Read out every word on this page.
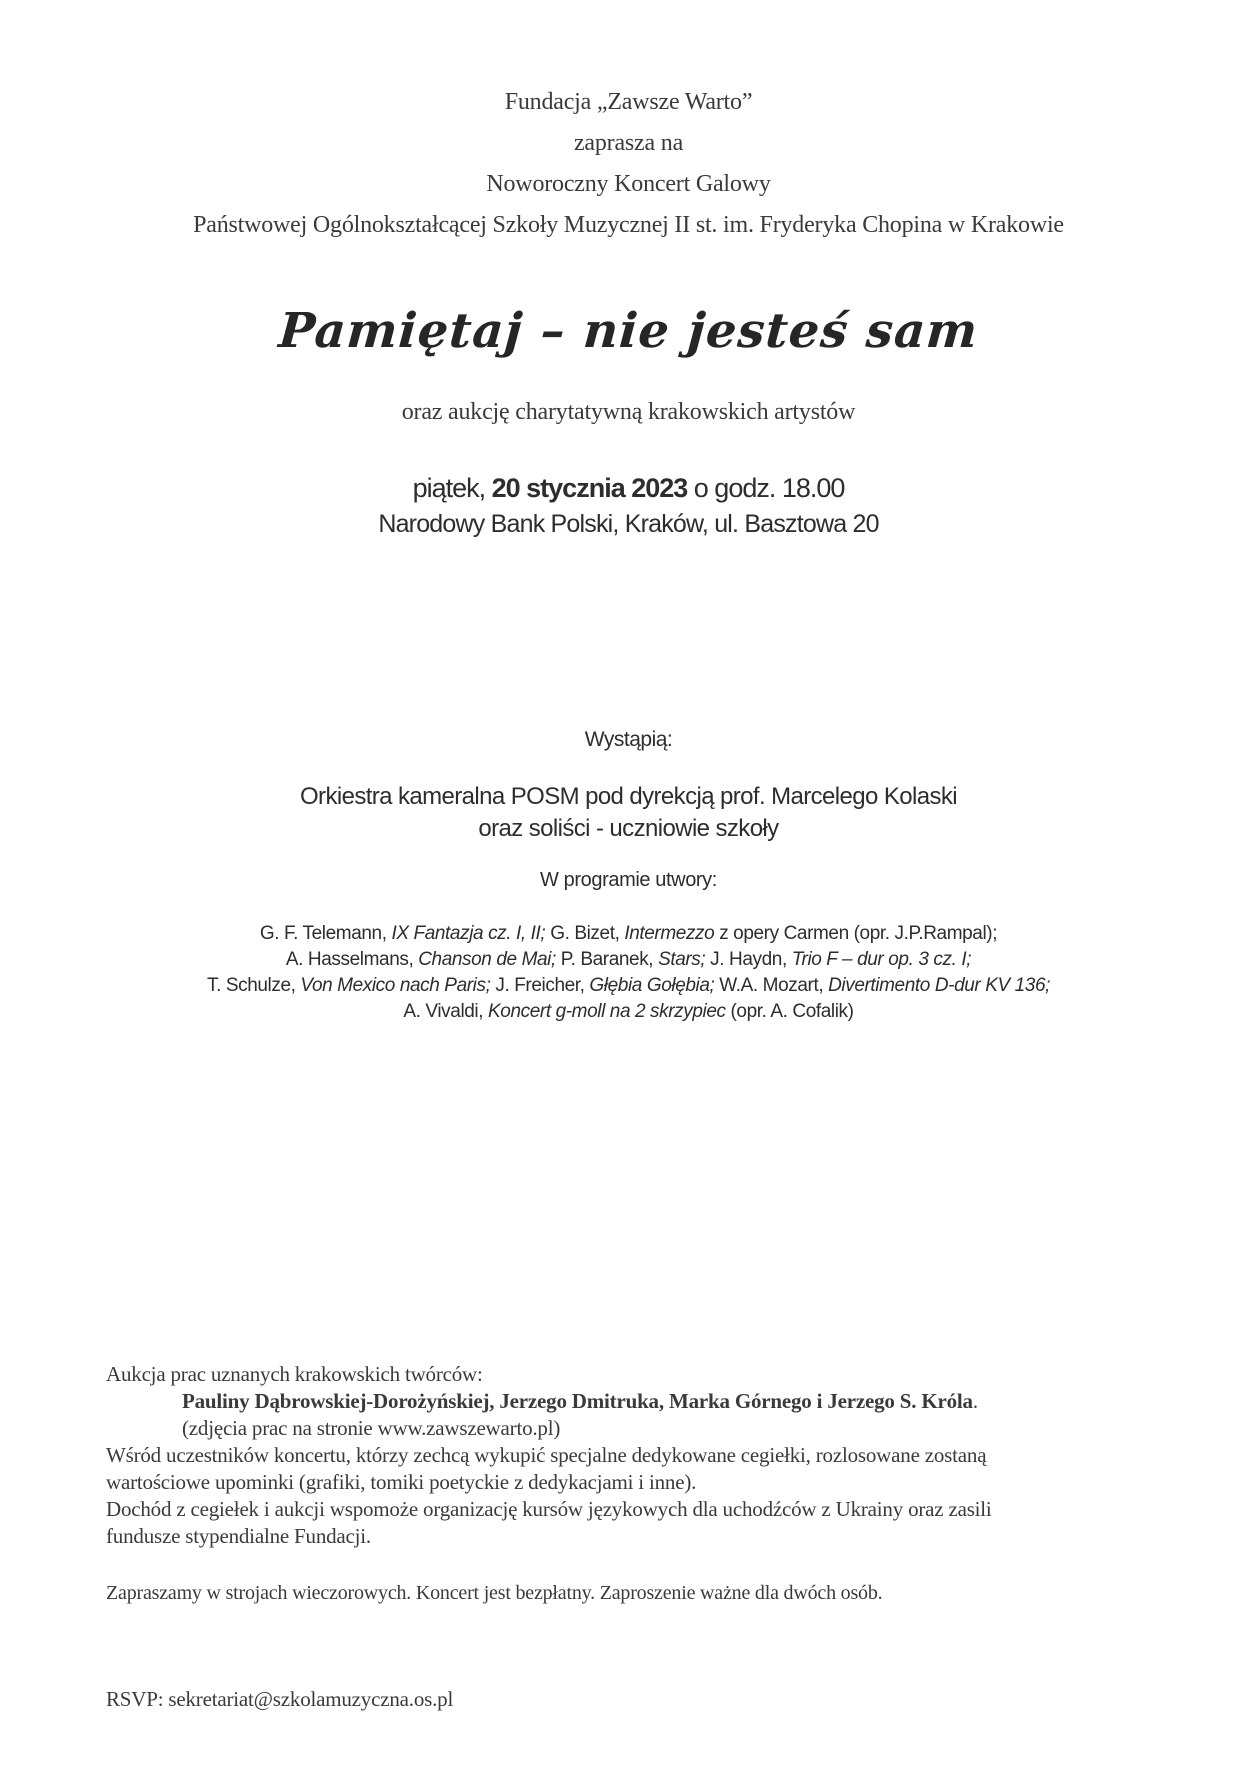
Fundacja „Zawsze Warto”
zaprasza na
Noworoczny Koncert Galowy
Państwowej Ogólnokształcącej Szkoły Muzycznej II st. im. Fryderyka Chopina w Krakowie
Pamiętaj – nie jesteś sam
oraz aukcję charytatywną krakowskich artystów
piątek, 20 stycznia 2023 o godz. 18.00
Narodowy Bank Polski, Kraków, ul. Basztowa 20
Wystąpią:
Orkiestra kameralna POSM pod dyrekcją prof. Marcelego Kolaski
oraz soliści - uczniowie szkoły
W programie utwory:
G. F. Telemann, IX Fantazja cz. I, II; G. Bizet, Intermezzo z opery Carmen (opr. J.P.Rampal);
A. Hasselmans, Chanson de Mai; P. Baranek, Stars; J. Haydn, Trio F – dur op. 3 cz. I;
T. Schulze, Von Mexico nach Paris; J. Freicher, Głębia Gołębia; W.A. Mozart, Divertimento D-dur KV 136;
A. Vivaldi, Koncert g-moll na 2 skrzypiec (opr. A. Cofalik)
Aukcja prac uznanych krakowskich twórców:
Pauliny Dąbrowskiej-Dorożyńskiej, Jerzego Dmitruka, Marka Górnego i Jerzego S. Króla.
(zdjęcia prac na stronie www.zawszewarto.pl)
Wśród uczestników koncertu, którzy zechcą wykupić specjalne dedykowane cegiełki, rozlosowane zostaną
wartościowe upominki (grafiki, tomiki poetyckie z dedykacjami i inne).
Dochód z cegiełek i aukcji wspomoże organizację kursów językowych dla uchodźców z Ukrainy oraz zasili
fundusze stypendialne Fundacji.
Zapraszamy w strojach wieczorowych. Koncert jest bezpłatny. Zaproszenie ważne dla dwóch osób.
RSVP: sekretariat@szkolamuzyczna.os.pl
